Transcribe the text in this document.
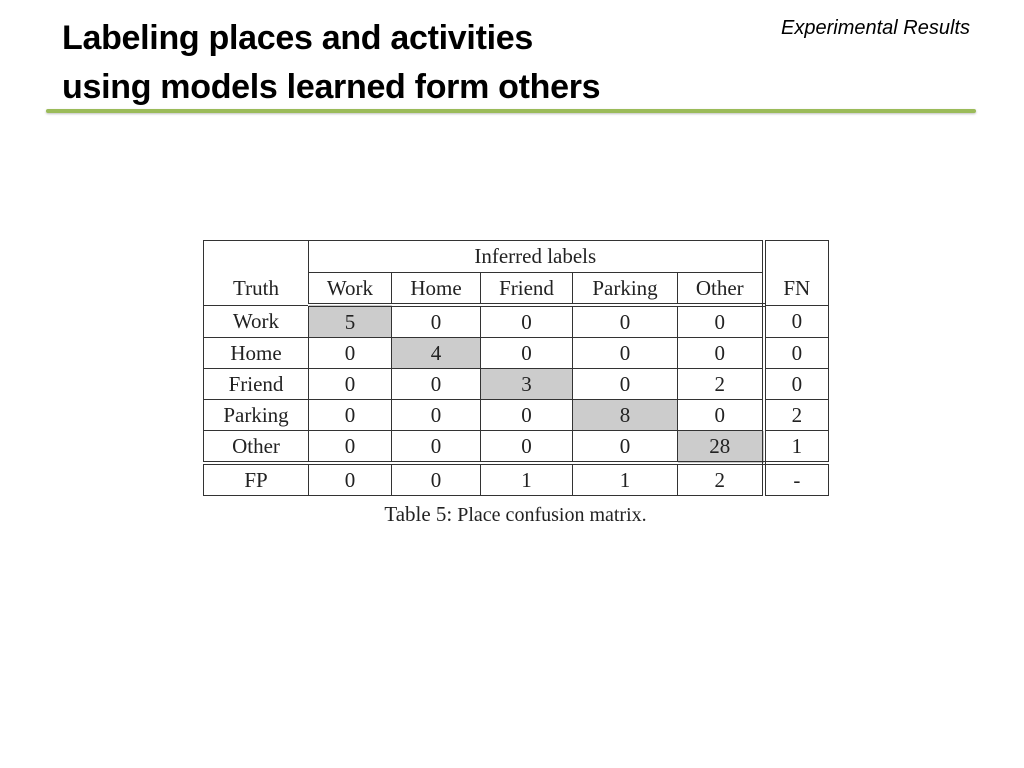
Labeling places and activities
using models learned form others
Experimental Results
Truth	Inferred labels					FN
	Work	Home	Friend	Parking	Other	
Work	5	0	0	0	0	0
Home	0	4	0	0	0	0
Friend	0	0	3	0	2	0
Parking	0	0	0	8	0	2
Other	0	0	0	0	28	1
FP	0	0	1	1	2	-
Table 5: Place confusion matrix.
